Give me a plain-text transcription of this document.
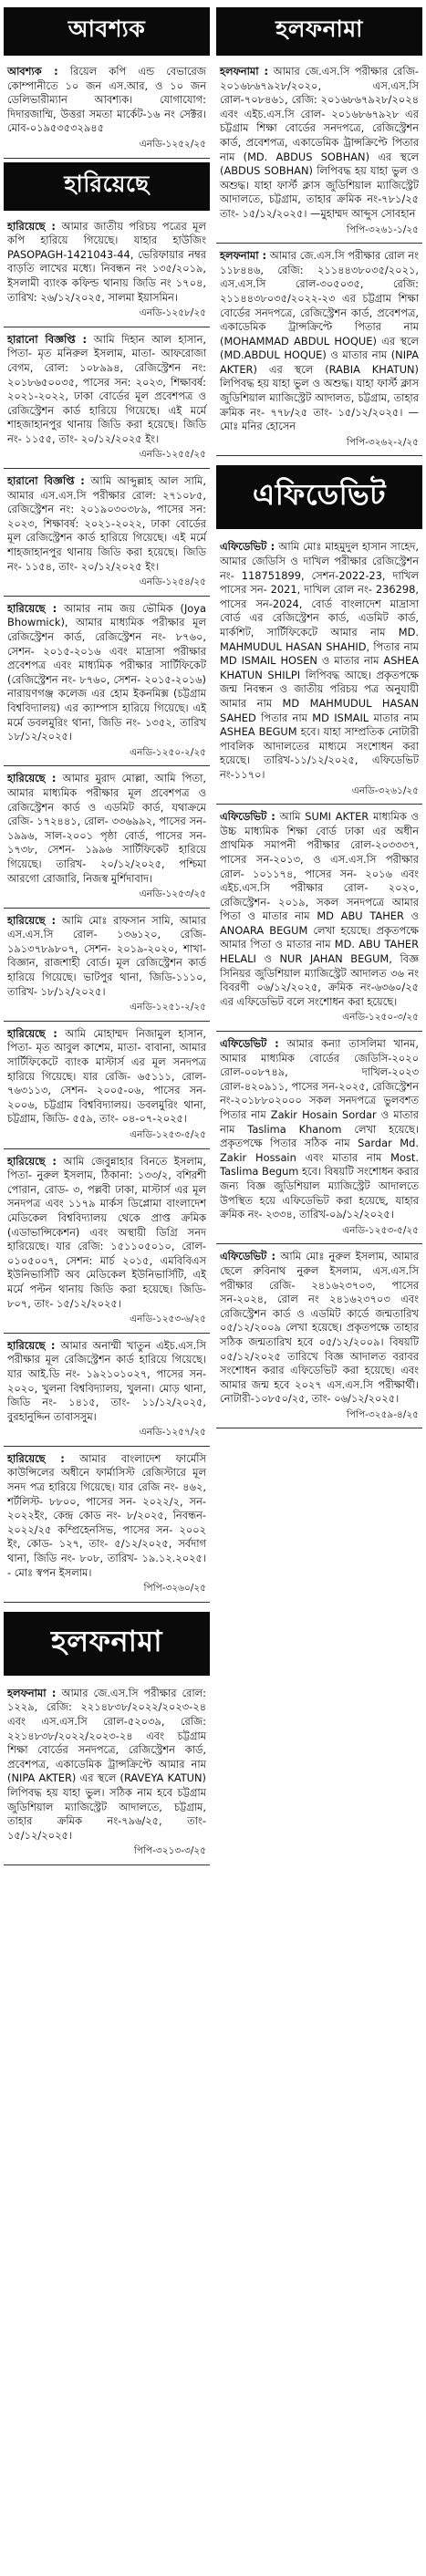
আবশ্যক
আবশ্যক : রিয়েল কপি এন্ড বেভারেজ কোম্পানীতে ১০ জন এস.আর, ও ১০ জন ডেলিভারীম্যান আবশ্যক। যোগাযোগ: দিদারজাম্মি, উত্তরা সমতা মার্কেট-১৬ নং সেক্টর। মোব-০১৯৫৩৫৩২৯৪৫
এনডি-১২৫২/২৫
হারিয়েছে
হারিয়েছে : আমার জাতীয় পরিচয় পত্রের মূল কপি হারিয়ে গিয়েছে। যাহার হাউজিং PASOPAGH-1421043-44, ভেরিফায়ার নম্বর বাড়তি লাখের মধ্যে। নিবন্ধন নং ১৩৫/২০১৯, ইসলামী ব্যাংক কফিল্ড থানায় জিডি নং ১৭০৪, তারিখ: ২৬/১২/২০২৫, সালমা ইয়াসমিন।
এনডি-১২৫৮/২৫
হারানো বিজ্ঞপ্তি : আমি দিহান আল হাসান, পিতা- মৃত মনিরুল ইসলাম, মাতা- আফরোজা বেগম, রোল: ১০৮৯৯৪, রেজিস্ট্রেশন নং: ২০১৮৬৫০০৩৫, পাসের সন: ২০২৩, শিক্ষাবর্ষ: ২০২১-২০২২, ঢাকা বোর্ডের মূল প্রবেশপত্র ও রেজিস্ট্রেশন কার্ড হারিয়ে গিয়েছে। এই মর্মে শাহজাহানপুর থানায় জিডি করা হয়েছে। জিডি নং- ১১৫৫, তাং- ২০/১২/২০২৫ ইং।
এনডি-১২৫৫/২৫
হারানো বিজ্ঞপ্তি : আমি আব্দুল্লাহ আল সামি, আমার এস.এস.সি পরীক্ষার রোল: ২৭১০৮৫, রেজিস্ট্রেশন নং: ২০১৯০৩০৩৮৯, পাসের সন: ২০২৩, শিক্ষাবর্ষ: ২০২১-২০২২, ঢাকা বোর্ডের মূল রেজিস্ট্রেশন কার্ড হারিয়ে গিয়েছে। এই মর্মে শাহজাহানপুর থানায় জিডি করা হয়েছে। জিডি নং- ১১৫৪, তাং- ২০/১২/২০২৫ ইং।
এনডি-১২৫৪/২৫
হারিয়েছে : আমার নাম জয় ভৌমিক (Joya Bhowmick), আমার মাধ্যমিক পরীক্ষার মূল রেজিস্ট্রেশন কার্ড, রেজিস্ট্রেশন নং- ৮৭৬০, সেশন- ২০১৫-২০১৬ এবং মাদ্রাসা পরীক্ষার প্রবেশপত্র এবং মাধ্যমিক পরীক্ষার সার্টিফিকেট (রেজিস্ট্রেশন নং- ৮৭৬০, সেশন- ২০১৫-২০১৬) নারায়ণগঞ্জ কলেজ এর হোম ইকনমিক্স (চট্টগ্রাম বিশ্ববিদ্যালয়) এর ক্যাম্পাস হারিয়ে গিয়েছে। এই মর্মে ডবলমুরিং থানা, জিডি নং- ১৩৫২, তারিখ ১৮/১২/২০২৫।
এনডি-১২৫০-২/২৫
হারিয়েছে : আমার মুরাদ মোল্লা, আমি পিতা, আমার মাধ্যমিক পরীক্ষার মূল প্রবেশপত্র ও রেজিস্ট্রেশন কার্ড ও এডমিট কার্ড, যথাক্রমে রেজি- ১৭২৪৪১, রোল- ৩৩৬৯৯২, পাসের সন- ১৯৯৬, সাল-২০০১ পৃষ্ঠা বোর্ড, পাসের সন- ১৭৩৮, সেশন- ১৯৯৬ সার্টিফিকেট হারিয়ে গিয়েছে। তারিখ- ২০/১২/২০২৫, পশ্চিমা আরগো রোজারি, নিজস্ব মুর্শিদাবাদ।
এনডি-১২৫৩/২৫
হারিয়েছে : আমি মোঃ রাফসান সামি, আমার এস.এস.সি রোল- ১৩৬১২০, রেজি- ১৯১৩৭৮৯৮০৭, সেশন- ২০১৯-২০২০, শাখা- বিজ্ঞান, রাজশাহী বোর্ড। মূল রেজিস্ট্রেশন কার্ড হারিয়ে গিয়েছে। ভাটপুর থানা, জিডি-১১১০, তারিখ- ১৮/১২/২০২৫।
এনডি-১২৫১-২/২৫
হারিয়েছে : আমি মোহাম্মদ নিজামুল হাসান, পিতা- মৃত আবুল কাশেম, মাতা- বাবানা, আমার সার্টিফিকেটে ব্যাংক মাস্টার্স এর মূল সনদপত্র হারিয়ে গিয়েছে। যার রেজি- ৬৫১১১, রোল- ৭৬৩১১৩, সেশন- ২০০৫-০৬, পাসের সন- ২০০৬, চট্টগ্রাম বিশ্ববিদ্যালয়। ডবলমুরিং থানা, চট্টগ্রাম, জিডি- ৫৫৯, তাং- ০৪-০৭-২০২৫।
এনডি-১২৫৩-৫/২৫
হারিয়েছে : আমি জেবুন্নাহার বিনতে ইসলাম, পিতা- নুরুল ইসলাম, ঠিকানা: ১৩৩/২, বশিরশী পোরান, রোড- ৩, পল্লবী ঢাকা, মাস্টার্স এর মূল সনদপত্র এবং ১১৭৯ মার্কস ডিপ্লোমা বাংলাদেশ মেডিকেল বিশ্ববিদ্যালয় থেকে প্রাপ্ত ক্রমিক (এডাভান্সিকেশন) এবং অস্থায়ী ডিগ্রি সনদ হারিয়েছে। যার রেজি: ১৫১১০৫০১০, রোল- ০১০৫০০৭, সেশন: মার্চ ২০১৫, এমবিবিএস ইউনিভার্সিটি অব মেডিকেল ইউনিভার্সিটি, এই মর্মে পল্টন থানায় জিডি করা হয়েছে। জিডি- ৮০৭, তাং- ১৫/১২/২০২৫।
এনডি-১২৫৩-৬/২৫
হারিয়েছে : আমার অনাম্মী খাতুন এইচ.এস.সি পরীক্ষার মূল রেজিস্ট্রেশন কার্ড হারিয়ে গিয়েছে। যার আই.ডি নং- ১৯২১০১০২৭, পাসের সন- ২০২০, খুলনা বিশ্ববিদ্যালয়, খুলনা। মোড় থানা, জিডি নং- ১৪১৫, তাং- ১১/১২/২০২৫, বুরহানুদ্দিন তাবাসসুম।
এনডি-১২৫৭/২৫
হারিয়েছে : আমার বাংলাদেশ ফার্মেসি কাউন্সিলের অধীনে ফার্মাসিস্ট রেজিস্টারে মূল সনদ পত্র হারিয়ে গিয়েছে। যার রেজি নং- ৪৬২, শর্টলিস্ট- ৮৮০০, পাসের সন- ২০২২/২, সন- ২০২২ইং, কেন্দ্র কোড নং- ৮/২০২৫, নিবন্ধন- ২০২২/২৫ কম্প্রিহেনসিভ, পাসের সন- ২০০২ ইং, কোড- ১২৭, তাং- ৫/১২/২০২৫, সর্বদাগ থানা, জিডি নং- ৮০৮, তারিখ- ১৯.১২.২০২৫। - মোঃ স্বপন ইসলাম।
পিপি-৩২৬০/২৫
হলফনামা
হলফনামা : আমার জে.এস.সি পরীক্ষার রোল: ১২২৯, রেজি: ২২১৪৮৩৮/২০২২/২০২৩-২৪ এবং এস.এস.সি রোল-৫২০৩৯, রেজি: ২২১৪৮৩৮/২০২২/২০২৩-২৪ এবং চট্টগ্রাম শিক্ষা বোর্ডের সনদপত্রে, রেজিস্ট্রেশন কার্ড, প্রবেশপত্র, একাডেমিক ট্রান্সক্রিপ্টে আমার নাম (NIPA AKTER) এর স্থলে (RAVEYA KATUN) লিপিবদ্ধ হয় যাহা ভুল। সঠিক নাম হবে চট্টগ্রাম জুডিশিয়াল ম্যাজিস্ট্রেট আদালতে, চট্টগ্রাম, তাহার ক্রমিক নং-৭৯৬/২৫, তাং- ১৫/১২/২০২৫।
পিপি-৩২১৩-৩/২৫
হলফনামা
হলফনামা : আমার জে.এস.সি পরীক্ষার রেজি- ২০১৬৮৬৭৯২৮/২০২০, এস.এস.সি রোল-৭০৮৪৬১, রেজি: ২০১৬৮৬৭৯২৮/২০২৪ এবং এইচ.এস.সি রোল- ২০১৬৮৬৭৯২৮ এর চট্টগ্রাম শিক্ষা বোর্ডের সনদপত্রে, রেজিস্ট্রেশন কার্ড, প্রবেশপত্র, একাডেমিক ট্রান্সক্রিপ্টে পিতার নাম (MD. ABDUS SOBHAN) এর স্থলে (ABDUS SOBHAN) লিপিবদ্ধ হয় যাহা ভুল ও অশুদ্ধ। যাহা ফার্স্ট ক্লাস জুডিশিয়াল ম্যাজিস্ট্রেট আদালতে, চট্টগ্রাম, তাহার ক্রমিক নং-৭৮১/২৫ তাং- ১৫/১২/২০২৫। —মুহাম্মদ আব্দুস সোবহান
পিপি-৩২৬১-১/২৫
হলফনামা : আমার জে.এস.সি পরীক্ষার রোল নং ১১৮৪৪৬, রেজি: ২১১৪৪৩৮০৩৫/২০২১, এস.এস.সি রোল-৩০৫০৩৫, রেজি: ২১১৪৪৩৮০৩৫/২০২২-২৩ এর চট্টগ্রাম শিক্ষা বোর্ডের সনদপত্রে, রেজিস্ট্রেশন কার্ড, প্রবেশপত্র, একাডেমিক ট্রান্সক্রিপ্টে পিতার নাম (MOHAMMAD ABDUL HOQUE) এর স্থলে (MD.ABDUL HOQUE) ও মাতার নাম (NIPA AKTER) এর স্থলে (RABIA KHATUN) লিপিবদ্ধ হয় যাহা ভুল ও অশুদ্ধ। যাহা ফার্স্ট ক্লাস জুডিশিয়াল ম্যাজিস্ট্রেট আদালত, চট্টগ্রাম, তাহার ক্রমিক নং- ৭৭৮/২৫ তাং- ১৫/১২/২০২৫। —মোঃ মনির হোসেন
পিপি-৩২৬২-২/২৫
এফিডেভিট
এফিডেভিট : আমি মোঃ মাহমুদুল হাসান সাহেদ, আমার জেডিসি ও দাখিল পরীক্ষার রেজিস্ট্রেশন নং- 118751899, সেশন-2022-23, দাখিল পাসের সন- 2021, দাখিল রোল নং- 236298, পাসের সন-2024, বোর্ড বাংলাদেশ মাদ্রাসা বোর্ড এর রেজিস্ট্রেশন কার্ড, এডমিট কার্ড, মার্কশিট, সার্টিফিকেটে আমার নাম MD. MAHMUDUL HASAN SHAHID, পিতার নাম MD ISMAIL HOSEN ও মাতার নাম ASHEA KHATUN SHILPI লিপিবদ্ধ আছে। প্রকৃতপক্ষে জন্ম নিবন্ধন ও জাতীয় পরিচয় পত্র অনুযায়ী আমার নাম MD MAHMUDUL HASAN SAHED পিতার নাম MD ISMAIL মাতার নাম ASHEA BEGUM হবে। যাহা সাম্প্রতিক নোটারী পাবলিক আদালতের মাধ্যমে সংশোধন করা হয়েছে। তারিখ-১১/১২/২০২৫, এফিডেভিট নং-১১৭০।
এনডি-৩২৬১/২৫
এফিডেভিট : আমি SUMI AKTER মাধ্যমিক ও উচ্চ মাধ্যমিক শিক্ষা বোর্ড ঢাকা এর অধীন প্রাথমিক সমাপনী পরীক্ষার রোল-২০৩৩৩৭, পাসের সন-২০১৩, ও এস.এস.সি পরীক্ষার রোল- ১০১১৭৪, পাসের সন- ২০১৬ এবং এইচ.এস.সি পরীক্ষার রোল- ২০২০, রেজিস্ট্রেশন- ২০১৯, সকল সনদপত্রে আমার পিতা ও মাতার নাম MD ABU TAHER ও ANOARA BEGUM লেখা হয়েছে। প্রকৃতপক্ষে আমার পিতা ও মাতার নাম MD. ABU TAHER HELALI ও NUR JAHAN BEGUM, বিজ্ঞ সিনিয়র জুডিশিয়াল ম্যাজিস্ট্রেট আদালত ৩৬ নং বিবরণী ০৬/১২/২০২৫, ক্রমিক নং-৬৩৬০/২৫ এর এফিডেভিট বলে সংশোধন করা হয়েছে।
এনডি-১২৫০-৩/২৫
এফিডেভিট : আমার কন্যা তাসলিমা খানম, আমার মাধ্যমিক বোর্ডের জেডিসি-২০২০ রোল-০০৮৭৪৯, দাখিল-২০২৩ রোল-৪২০৯১১, পাসের সন-২০২৫, রেজিস্ট্রেশন নং-২০১৮৮০২০০০ সকল সনদপত্রে ভুলবশত পিতার নাম Zakir Hosain Sordar ও মাতার নাম Taslima Khanom লেখা হয়েছে। প্রকৃতপক্ষে পিতার সঠিক নাম Sardar Md. Zakir Hossain এবং মাতার নাম Most. Taslima Begum হবে। বিষয়টি সংশোধন করার জন্য বিজ্ঞ জুডিশিয়াল ম্যাজিস্ট্রেট আদালতে উপস্থিত হয়ে এফিডেভিট করা হয়েছে, যাহার ক্রমিক নং- ২৩৩৪, তারিখ-০৯/১২/২০২৫।
এনডি-১২৫৩-৫/২৫
এফিডেভিট : আমি মোঃ নুরুল ইসলাম, আমার ছেলে রুবিনাথ নুরুল ইসলাম, এস.এস.সি পরীক্ষার রেজি- ২৪১৬২৩৭০৩, পাসের সন-২০২৪, রোল নং ২৪১৬২৩৭০৩ এবং রেজিস্ট্রেশন কার্ড ও এডমিট কার্ডে জন্মতারিখ ০৫/১২/২০০৯ লেখা হয়েছে। প্রকৃতপক্ষে তাহার সঠিক জন্মতারিখ হবে ০৫/১২/২০০৯। বিষয়টি ০৫/১২/২০২৫ তারিখে বিজ্ঞ আদালত বরাবর সংশোধন করার এফিডেভিট করা হয়েছে। এবং আমার জন্ম হবে ২০২৭ এস.এস.সি পরীক্ষার্থী। নোটারী-১০৮৫০/২৫, তাং- ০৬/১২/২০২৫।
পিপি-৩২৫৯-৪/২৫
